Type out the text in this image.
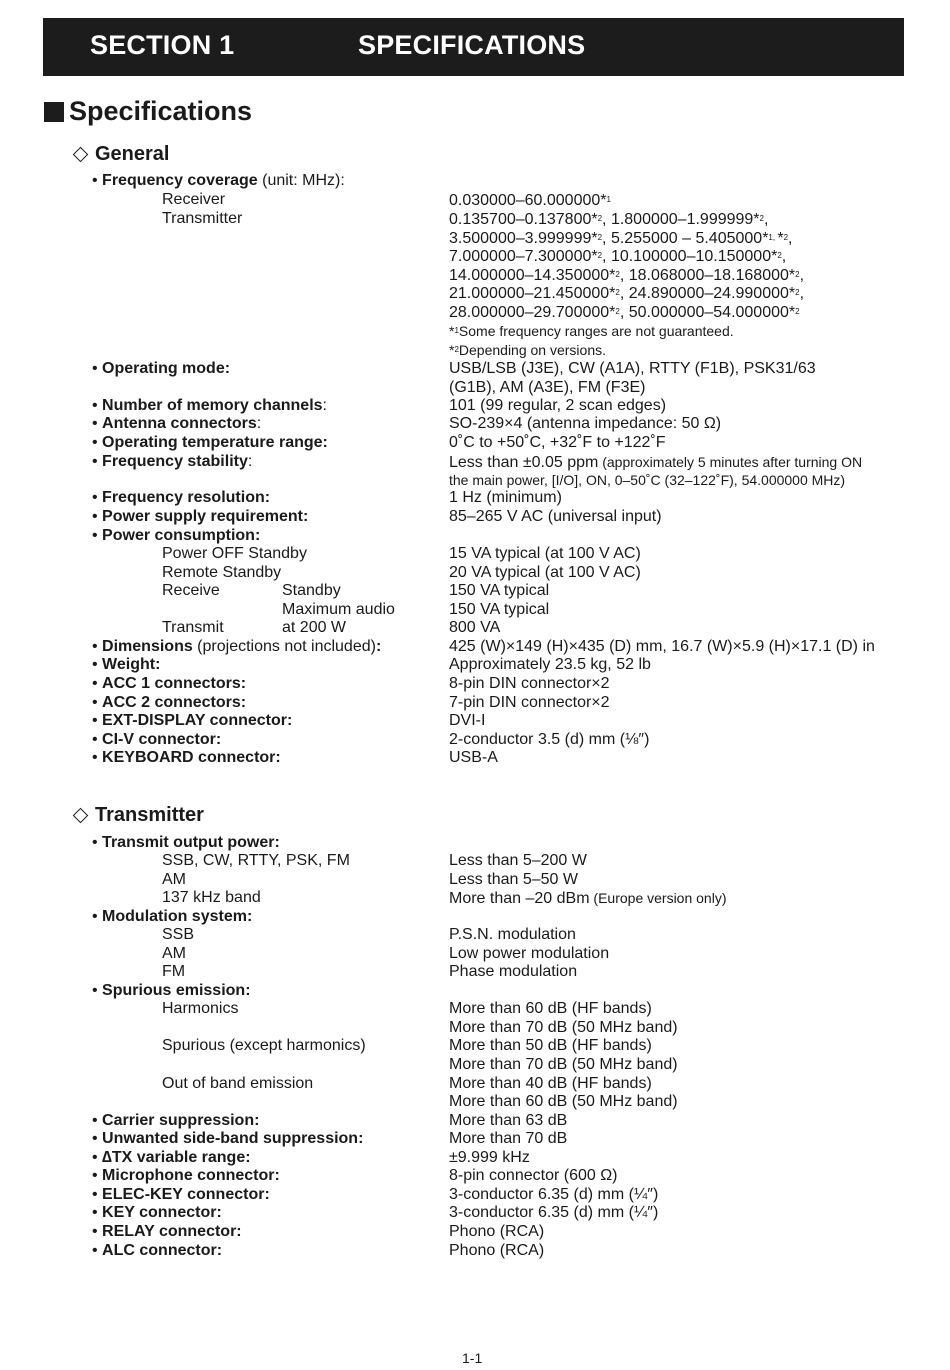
SECTION 1	SPECIFICATIONS
Specifications
General
• Frequency coverage (unit: MHz):
Receiver	0.030000–60.000000*$^1$
Transmitter	0.135700–0.137800*$^2$, 1.800000–1.999999*$^2$,
3.500000–3.999999*$^2$, 5.255000 – 5.405000*$^{1,}$ *$^2$,
7.000000–7.300000*$^2$, 10.100000–10.150000*$^2$,
14.000000–14.350000*$^2$, 18.068000–18.168000*$^2$,
21.000000–21.450000*$^2$, 24.890000–24.990000*$^2$,
28.000000–29.700000*$^2$, 50.000000–54.000000*$^2$
*$^1$Some frequency ranges are not guaranteed.
*$^2$Depending on versions.
• Operating mode:	USB/LSB (J3E), CW (A1A), RTTY (F1B), PSK31/63
(G1B), AM (A3E), FM (F3E)
• Number of memory channels:	101 (99 regular, 2 scan edges)
• Antenna connectors:	SO-239×4 (antenna impedance: 50 Ω)
• Operating temperature range:	0˚C to +50˚C, +32˚F to +122˚F
• Frequency stability:	Less than ±0.05 ppm (approximately 5 minutes after turning ON
the main power, [I/O], ON, 0–50˚C (32–122˚F), 54.000000 MHz)
• Frequency resolution:	1 Hz (minimum)
• Power supply requirement:	85–265 V AC (universal input)
• Power consumption:
Power OFF Standby	15 VA typical (at 100 V AC)
Remote Standby	20 VA typical (at 100 V AC)
Receive	Standby	150 VA typical
Maximum audio	150 VA typical
Transmit	at 200 W	800 VA
• Dimensions (projections not included):	425 (W)×149 (H)×435 (D) mm, 16.7 (W)×5.9 (H)×17.1 (D) in
• Weight:	Approximately 23.5 kg, 52 lb
• ACC 1 connectors:	8-pin DIN connector×2
• ACC 2 connectors:	7-pin DIN connector×2
• EXT-DISPLAY connector:	DVI-I
• CI-V connector:	2-conductor 3.5 (d) mm (⅛″)
• KEYBOARD connector:	USB-A
Transmitter
• Transmit output power:
SSB, CW, RTTY, PSK, FM	Less than 5–200 W
AM	Less than 5–50 W
137 kHz band	More than –20 dBm (Europe version only)
• Modulation system:
SSB	P.S.N. modulation
AM	Low power modulation
FM	Phase modulation
• Spurious emission:
Harmonics	More than 60 dB (HF bands)
More than 70 dB (50 MHz band)
Spurious (except harmonics)	More than 50 dB (HF bands)
More than 70 dB (50 MHz band)
Out of band emission	More than 40 dB (HF bands)
More than 60 dB (50 MHz band)
• Carrier suppression:	More than 63 dB
• Unwanted side-band suppression:	More than 70 dB
• ∆TX variable range:	±9.999 kHz
• Microphone connector:	8-pin connector (600 Ω)
• ELEC-KEY connector:	3-conductor 6.35 (d) mm (¼″)
• KEY connector:	3-conductor 6.35 (d) mm (¼″)
• RELAY connector:	Phono (RCA)
• ALC connector:	Phono (RCA)
1-1
